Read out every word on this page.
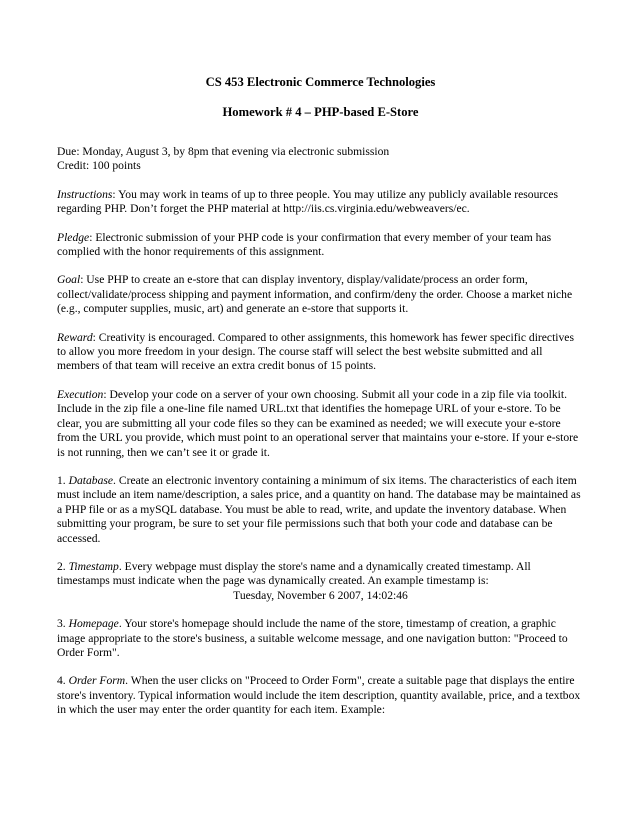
CS 453 Electronic Commerce Technologies

Homework # 4 – PHP-based E-Store

Due: Monday, August 3, by 8pm that evening via electronic submission

Credit: 100 points

Instructions: You may work in teams of up to three people. You may utilize any publicly available resources regarding PHP. Don’t forget the PHP material at http://iis.cs.virginia.edu/webweavers/ec.

Pledge: Electronic submission of your PHP code is your confirmation that every member of your team has complied with the honor requirements of this assignment.

Goal: Use PHP to create an e-store that can display inventory, display/validate/process an order form, collect/validate/process shipping and payment information, and confirm/deny the order. Choose a market niche (e.g., computer supplies, music, art) and generate an e-store that supports it.

Reward: Creativity is encouraged. Compared to other assignments, this homework has fewer specific directives to allow you more freedom in your design. The course staff will select the best website submitted and all members of that team will receive an extra credit bonus of 15 points.

Execution: Develop your code on a server of your own choosing. Submit all your code in a zip file via toolkit. Include in the zip file a one-line file named URL.txt that identifies the homepage URL of your e-store. To be clear, you are submitting all your code files so they can be examined as needed; we will execute your e-store from the URL you provide, which must point to an operational server that maintains your e-store. If your e-store is not running, then we can’t see it or grade it.

1. Database. Create an electronic inventory containing a minimum of six items. The characteristics of each item must include an item name/description, a sales price, and a quantity on hand. The database may be maintained as a PHP file or as a mySQL database. You must be able to read, write, and update the inventory database. When submitting your program, be sure to set your file permissions such that both your code and database can be accessed.

2. Timestamp. Every webpage must display the store's name and a dynamically created timestamp. All timestamps must indicate when the page was dynamically created. An example timestamp is:

Tuesday, November 6 2007, 14:02:46

3. Homepage. Your store's homepage should include the name of the store, timestamp of creation, a graphic image appropriate to the store's business, a suitable welcome message, and one navigation button: "Proceed to Order Form".

4. Order Form. When the user clicks on "Proceed to Order Form", create a suitable page that displays the entire store's inventory. Typical information would include the item description, quantity available, price, and a textbox in which the user may enter the order quantity for each item. Example:
